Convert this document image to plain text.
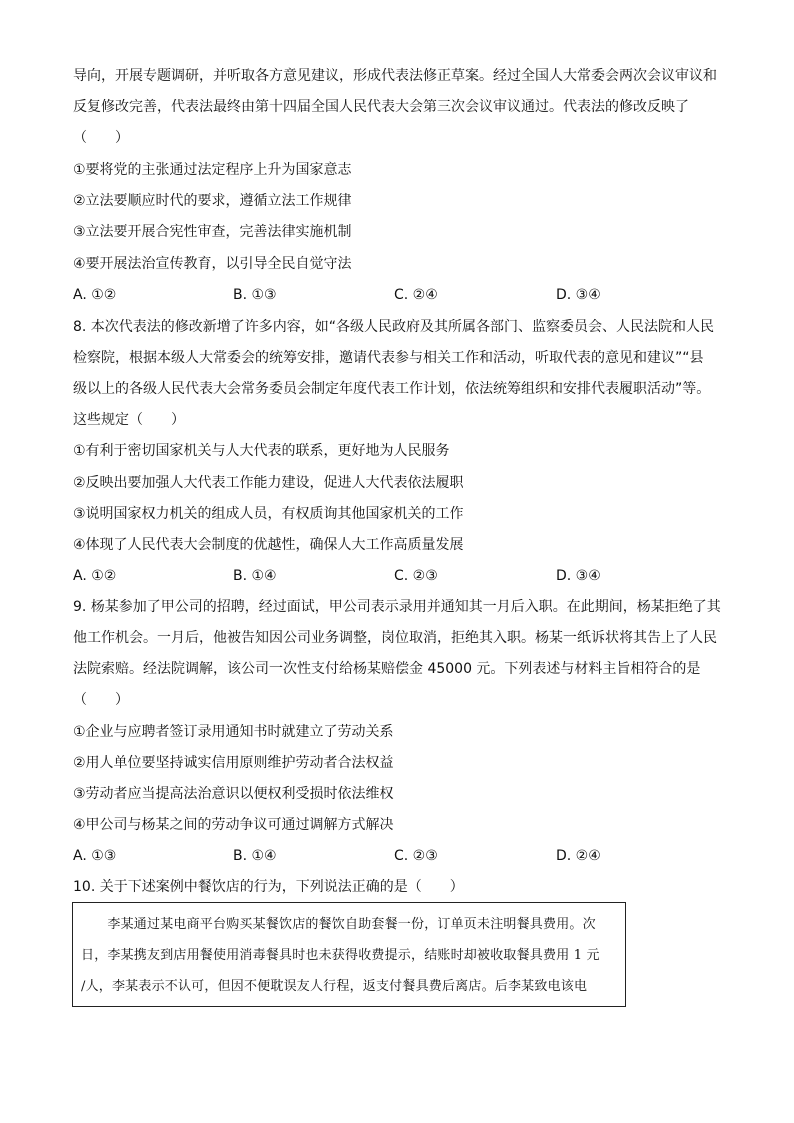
导向，开展专题调研，并听取各方意见建议，形成代表法修正草案。经过全国人大常委会两次会议审议和
反复修改完善，代表法最终由第十四届全国人民代表大会第三次会议审议通过。代表法的修改反映了
（　　）
①要将党的主张通过法定程序上升为国家意志
②立法要顺应时代的要求，遵循立法工作规律
③立法要开展合宪性审查，完善法律实施机制
④要开展法治宣传教育，以引导全民自觉守法
A. ①②	B. ①③	C. ②④	D. ③④
8. 本次代表法的修改新增了许多内容，如“各级人民政府及其所属各部门、监察委员会、人民法院和人民
检察院，根据本级人大常委会的统筹安排，邀请代表参与相关工作和活动，听取代表的意见和建议”“县
级以上的各级人民代表大会常务委员会制定年度代表工作计划，依法统筹组织和安排代表履职活动”等。
这些规定（　　）
①有利于密切国家机关与人大代表的联系，更好地为人民服务
②反映出要加强人大代表工作能力建设，促进人大代表依法履职
③说明国家权力机关的组成人员，有权质询其他国家机关的工作
④体现了人民代表大会制度的优越性，确保人大工作高质量发展
A. ①②	B. ①④	C. ②③	D. ③④
9. 杨某参加了甲公司的招聘，经过面试，甲公司表示录用并通知其一月后入职。在此期间，杨某拒绝了其
他工作机会。一月后，他被告知因公司业务调整，岗位取消，拒绝其入职。杨某一纸诉状将其告上了人民
法院索赔。经法院调解，该公司一次性支付给杨某赔偿金 45000 元。下列表述与材料主旨相符合的是
（　　）
①企业与应聘者签订录用通知书时就建立了劳动关系
②用人单位要坚持诚实信用原则维护劳动者合法权益
③劳动者应当提高法治意识以便权利受损时依法维权
④甲公司与杨某之间的劳动争议可通过调解方式解决
A. ①③	B. ①④	C. ②③	D. ②④
10. 关于下述案例中餐饮店的行为，下列说法正确的是（　　）
　　李某通过某电商平台购买某餐饮店的餐饮自助套餐一份，订单页未注明餐具费用。次
日，李某携友到店用餐使用消毒餐具时也未获得收费提示，结账时却被收取餐具费用 1 元
/人，李某表示不认可，但因不便耽误友人行程，返支付餐具费后离店。后李某致电该电
